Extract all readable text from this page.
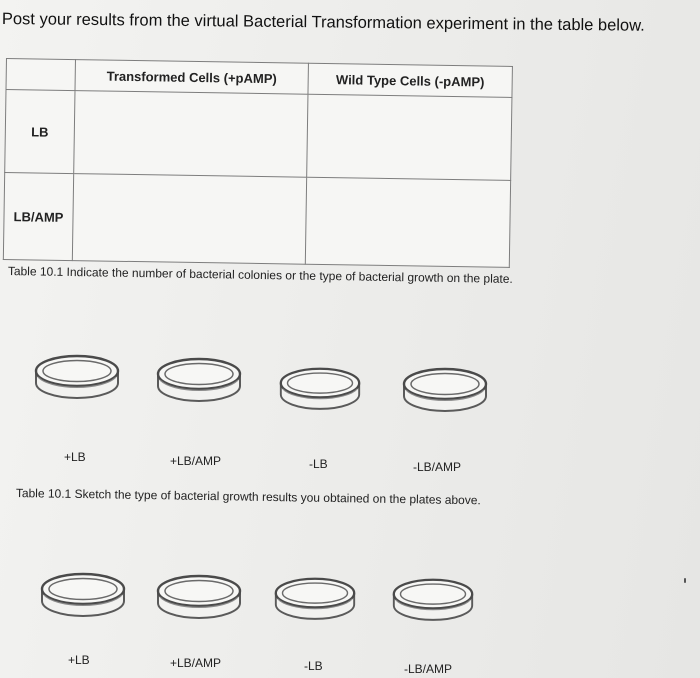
Post your results from the virtual Bacterial Transformation experiment in the table below.
	Transformed Cells (+pAMP)	Wild Type Cells (-pAMP)
LB		
LB/AMP		
Table 10.1 Indicate the number of bacterial colonies or the type of bacterial growth on the plate.
+LB	+LB/AMP	-LB	-LB/AMP
Table 10.1 Sketch the type of bacterial growth results you obtained on the plates above.
+LB	+LB/AMP	-LB	-LB/AMP
